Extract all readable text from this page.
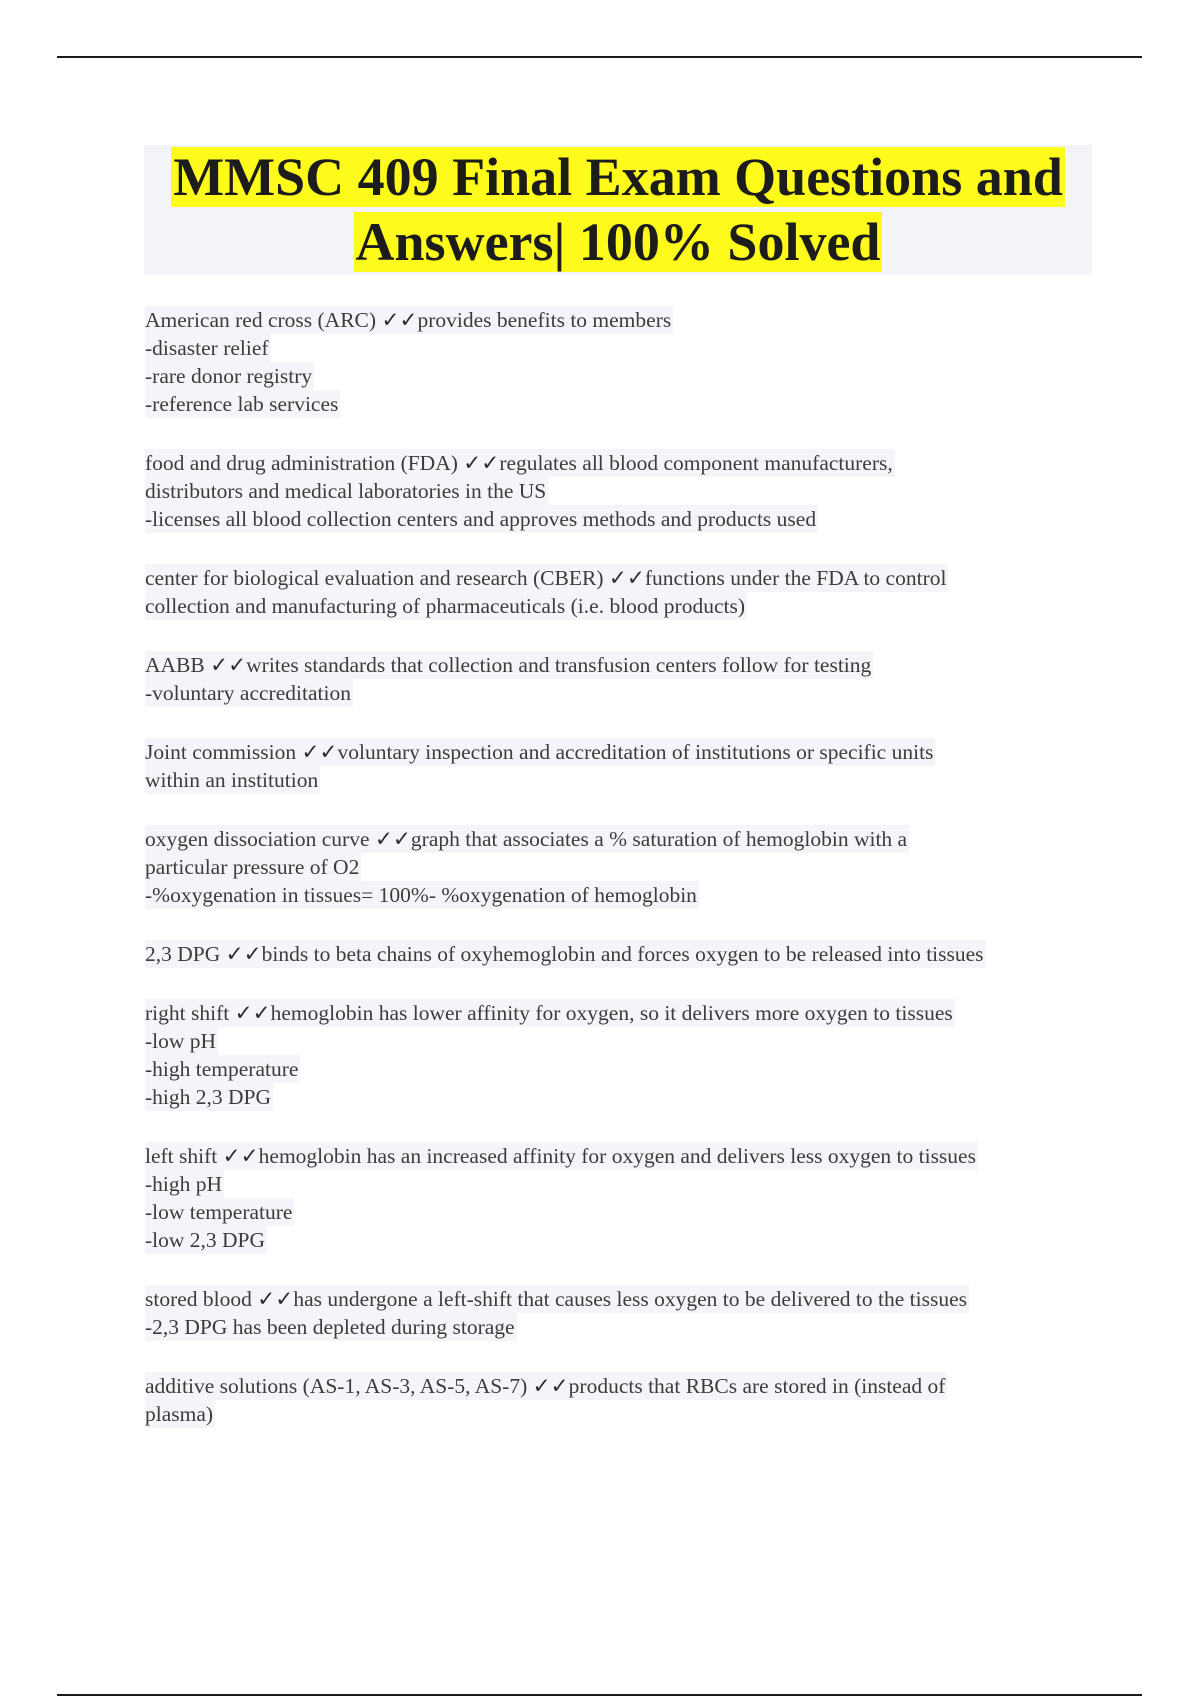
MMSC 409 Final Exam Questions and
Answers| 100% Solved
American red cross (ARC) ✓✓provides benefits to members
-disaster relief
-rare donor registry
-reference lab services
food and drug administration (FDA) ✓✓regulates all blood component manufacturers,
distributors and medical laboratories in the US
-licenses all blood collection centers and approves methods and products used
center for biological evaluation and research (CBER) ✓✓functions under the FDA to control
collection and manufacturing of pharmaceuticals (i.e. blood products)
AABB ✓✓writes standards that collection and transfusion centers follow for testing
-voluntary accreditation
Joint commission ✓✓voluntary inspection and accreditation of institutions or specific units
within an institution
oxygen dissociation curve ✓✓graph that associates a % saturation of hemoglobin with a
particular pressure of O2
-%oxygenation in tissues= 100%- %oxygenation of hemoglobin
2,3 DPG ✓✓binds to beta chains of oxyhemoglobin and forces oxygen to be released into tissues
right shift ✓✓hemoglobin has lower affinity for oxygen, so it delivers more oxygen to tissues
-low pH
-high temperature
-high 2,3 DPG
left shift ✓✓hemoglobin has an increased affinity for oxygen and delivers less oxygen to tissues
-high pH
-low temperature
-low 2,3 DPG
stored blood ✓✓has undergone a left-shift that causes less oxygen to be delivered to the tissues
-2,3 DPG has been depleted during storage
additive solutions (AS-1, AS-3, AS-5, AS-7) ✓✓products that RBCs are stored in (instead of
plasma)
